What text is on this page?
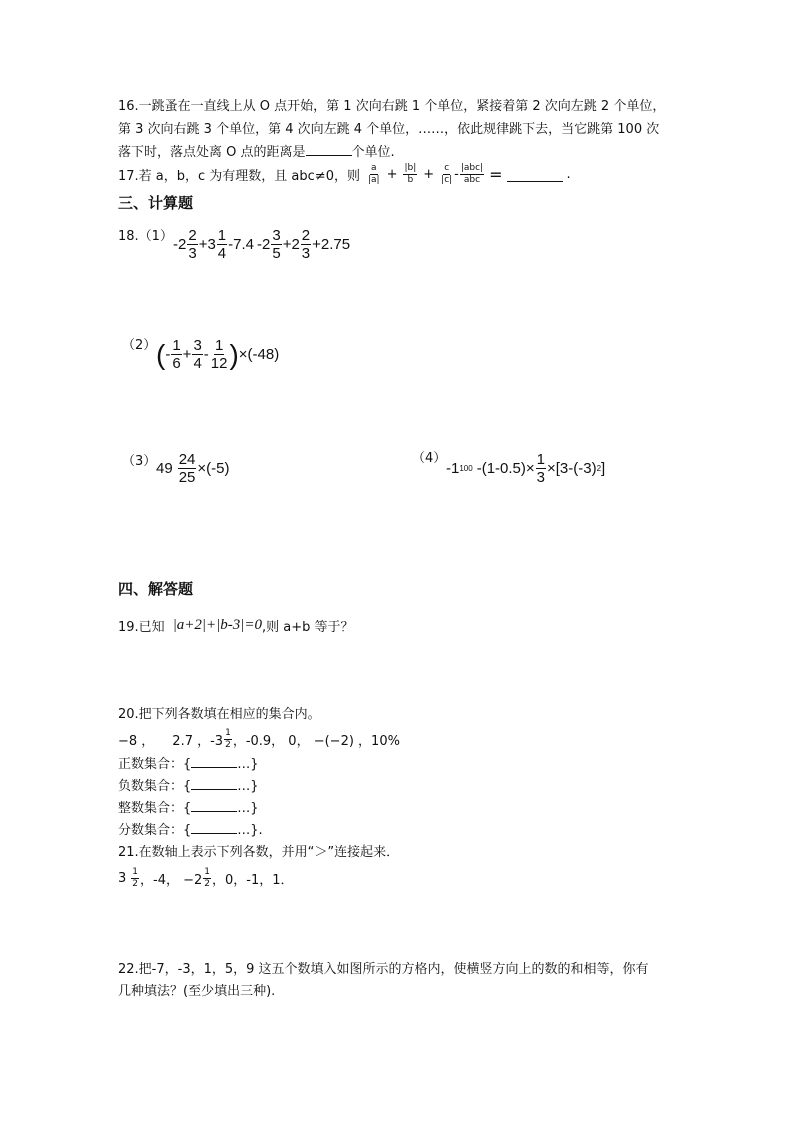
16.一跳蚤在一直线上从 O 点开始，第 1 次向右跳 1 个单位，紧接着第 2 次向左跳 2 个单位，
第 3 次向右跳 3 个单位，第 4 次向左跳 4 个单位，……，依此规律跳下去，当它跳第 100 次
落下时，落点处离 O 点的距离是	个单位.
17.若 a，b，c 为有理数，且 abc≠0，则 $\frac{a}{|a|} + \frac{|b|}{b} + \frac{c}{|c|} - \frac{\text{|abc|}}{\text{abc}}$ =	.
三、计算题
18.（1） $-2 \frac{2}{3} +3 \frac{1}{4} -7.4$ $-2 \frac{3}{5} +2 \frac{2}{3} +2.75$
（2） ( - $\frac{1}{6} + \frac{3}{4} - \frac{1}{12}$ ) ×(-48)
（3） $49 \frac{24}{25} \times(-5)$
（4）
-1 100 $-(1-0.5)\times \frac{1}{3} \times[3-(-3)$ 2 ]
四、解答题
19.已知 |a+2|+|b-3|=0 ,则 a+b 等于？
20.把下列各数填在相应的集合内。
−8 ， 2.7 ，$-3 \frac{1}{2}$ ，-0.9， 0， −(−2) ，10%
正数集合：{	…}
负数集合：{	…}
整数集合：{	…}
分数集合：{	…}.
21.在数轴上表示下列各数，并用“＞”连接起来．
$3 \frac{1}{2}$ ，-4， $-2 \frac{1}{2}$ ，0，-1，1．
22.把-7，-3，1，5，9 这五个数填入如图所示的方格内，使横竖方向上的数的和相等，你有
几种填法？(至少填出三种).
